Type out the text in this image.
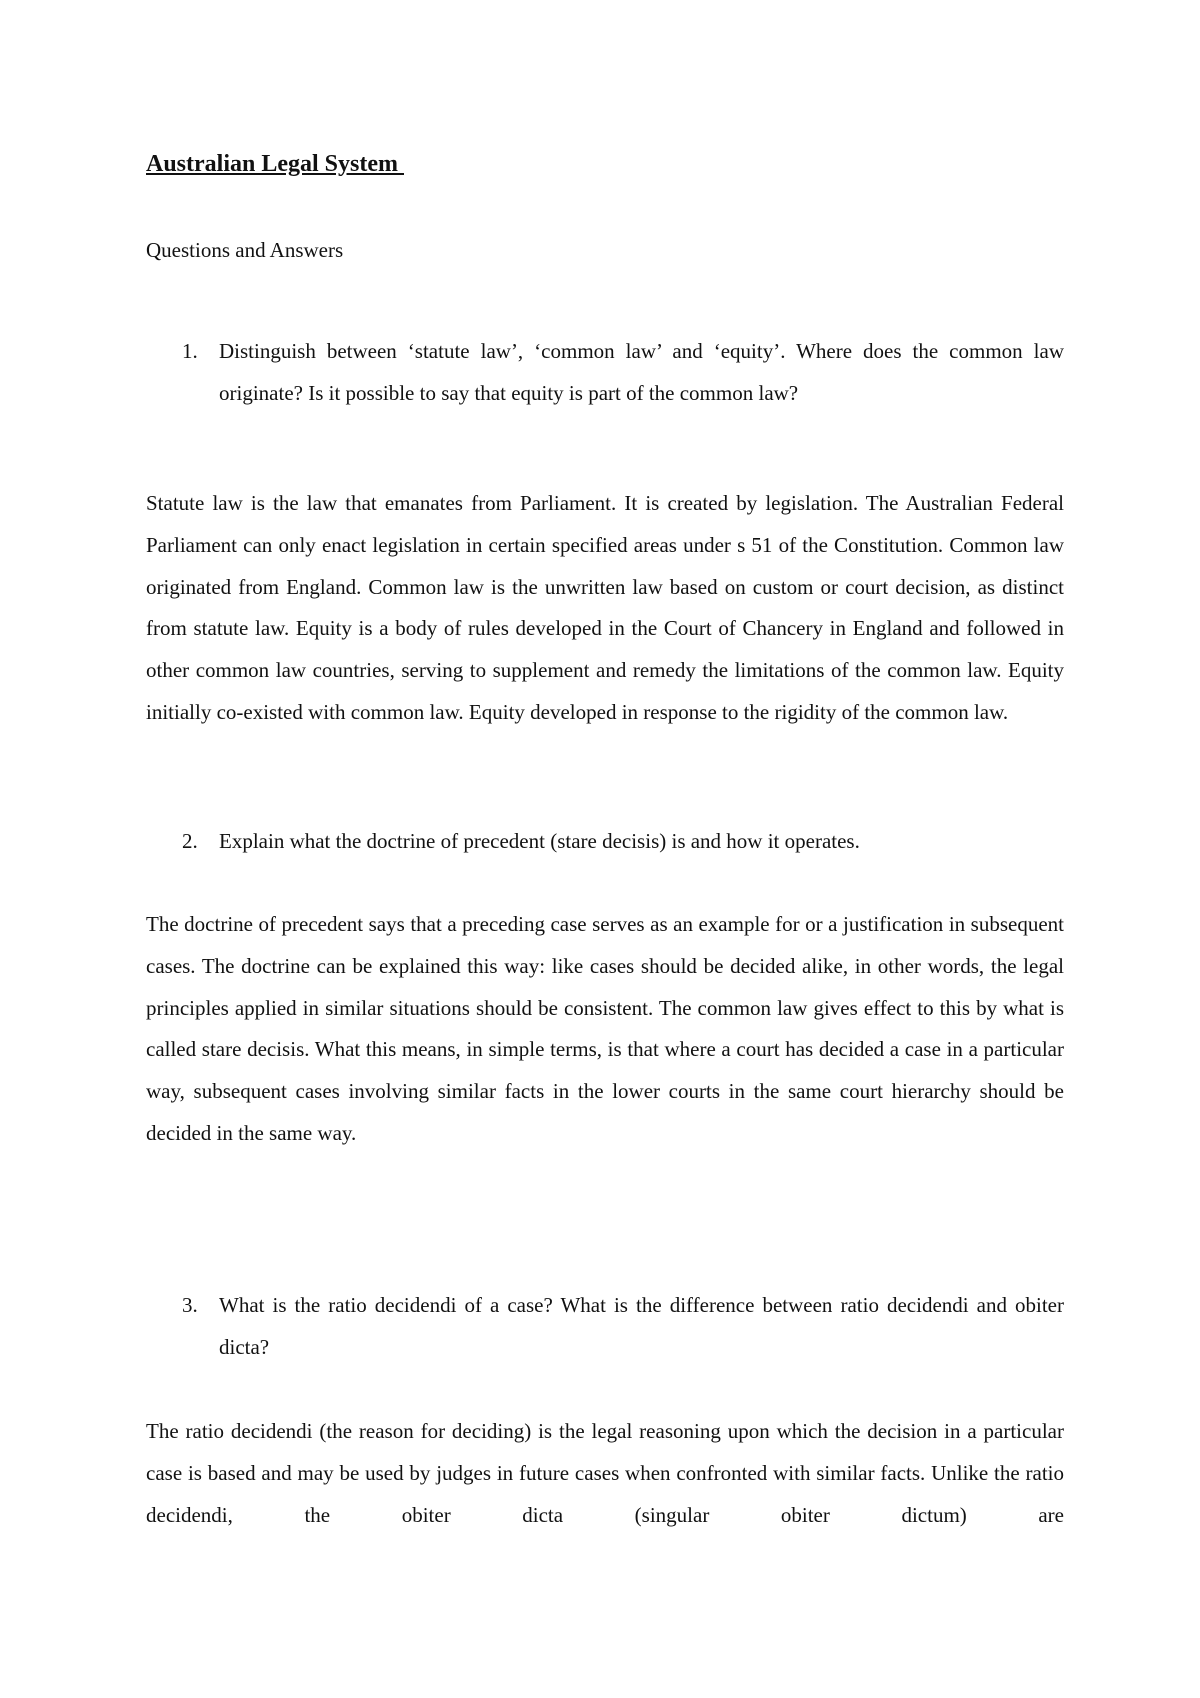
Australian Legal System

Questions and Answers

1. Distinguish between ‘statute law’, ‘common law’ and ‘equity’. Where does the common law originate? Is it possible to say that equity is part of the common law?

Statute law is the law that emanates from Parliament. It is created by legislation. The Australian Federal Parliament can only enact legislation in certain specified areas under s 51 of the Constitution. Common law originated from England. Common law is the unwritten law based on custom or court decision, as distinct from statute law. Equity is a body of rules developed in the Court of Chancery in England and followed in other common law countries, serving to supplement and remedy the limitations of the common law. Equity initially co-existed with common law. Equity developed in response to the rigidity of the common law.

2. Explain what the doctrine of precedent (stare decisis) is and how it operates.

The doctrine of precedent says that a preceding case serves as an example for or a justification in subsequent cases. The doctrine can be explained this way: like cases should be decided alike, in other words, the legal principles applied in similar situations should be consistent. The common law gives effect to this by what is called stare decisis. What this means, in simple terms, is that where a court has decided a case in a particular way, subsequent cases involving similar facts in the lower courts in the same court hierarchy should be decided in the same way.

3. What is the ratio decidendi of a case? What is the difference between ratio decidendi and obiter dicta?

The ratio decidendi (the reason for deciding) is the legal reasoning upon which the decision in a particular case is based and may be used by judges in future cases when confronted with similar facts. Unlike the ratio decidendi, the obiter dicta (singular obiter dictum) are
